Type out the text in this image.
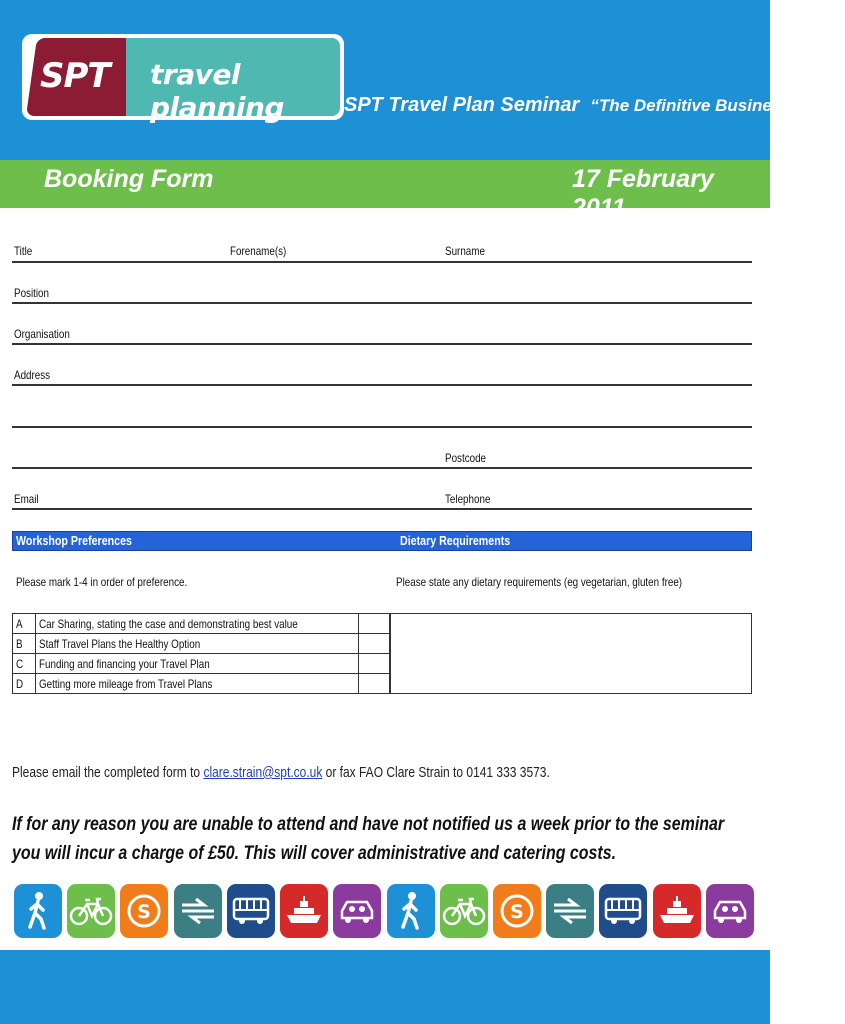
SPT travel planning	SPT Travel Plan Seminar “The Definitive Business Case”
Booking Form	17 February 2011
Title	Forename(s)	Surname
Position
Organisation
Address
Postcode
Email	Telephone
Workshop Preferences	Dietary Requirements
Please mark 1-4 in order of preference.	Please state any dietary requirements (eg vegetarian, gluten free)
A	Car Sharing, stating the case and demonstrating best value	
B	Staff Travel Plans the Healthy Option	
C	Funding and financing your Travel Plan	
D	Getting more mileage from Travel Plans	
Please email the completed form to clare.strain@spt.co.uk or fax FAO Clare Strain to 0141 333 3573.
If for any reason you are unable to attend and have not notified us a week prior to the seminar you will incur a charge of £50. This will cover administrative and catering costs.
S	S
